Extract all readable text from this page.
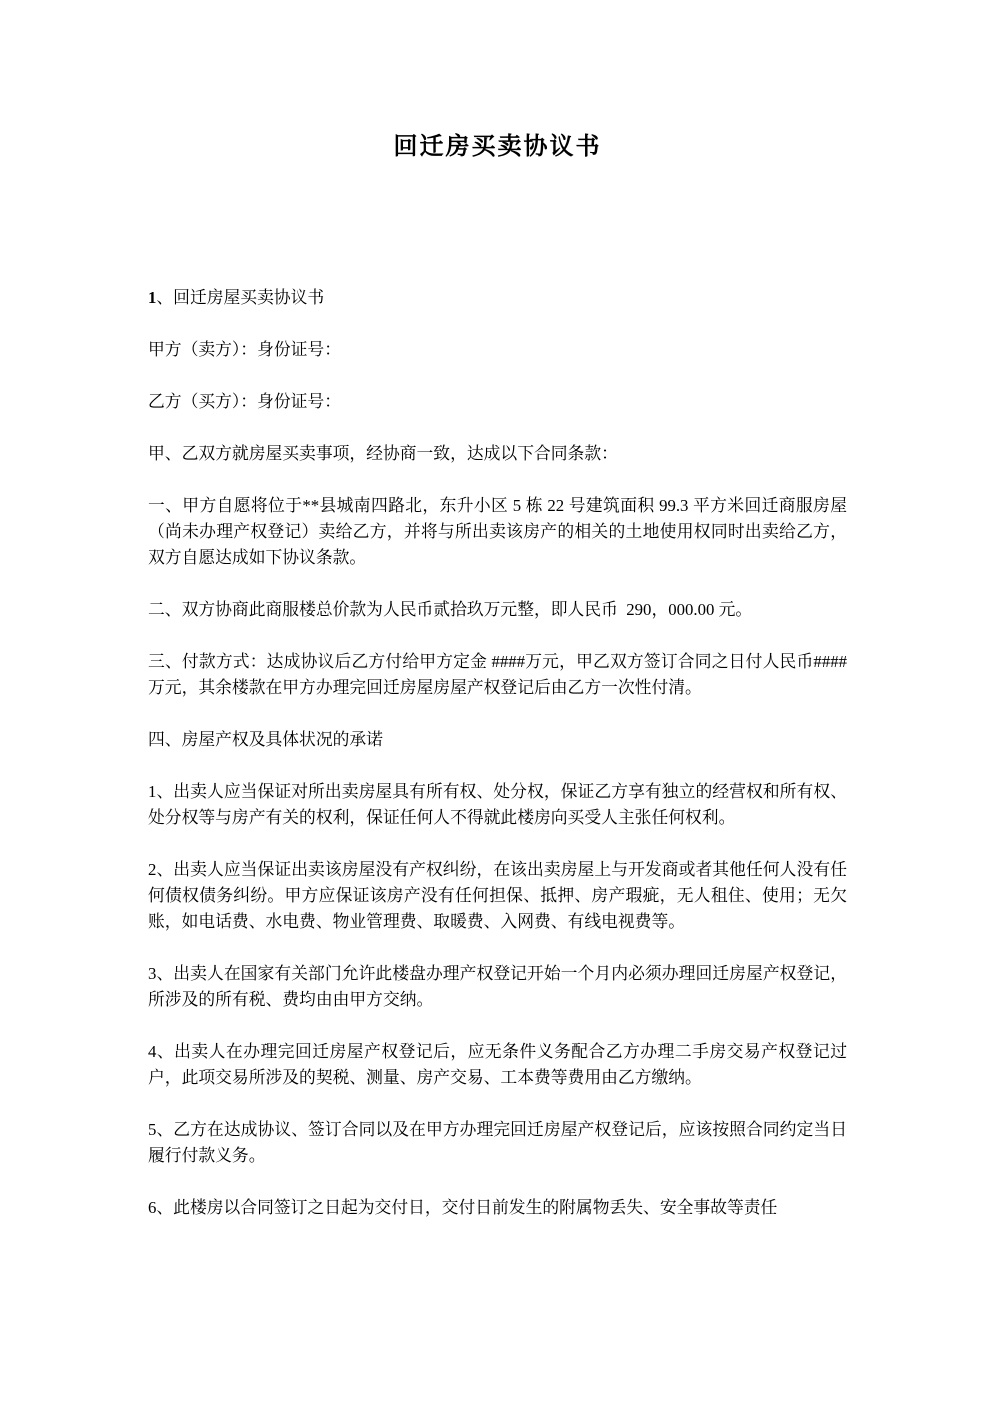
回迁房买卖协议书

1、回迁房屋买卖协议书

甲方（卖方）：身份证号：

乙方（买方）：身份证号：

甲、乙双方就房屋买卖事项，经协商一致，达成以下合同条款：

一、甲方自愿将位于**县城南四路北，东升小区 5 栋 22 号建筑面积 99.3 平方米回迁商服房屋（尚未办理产权登记）卖给乙方，并将与所出卖该房产的相关的土地使用权同时出卖给乙方，双方自愿达成如下协议条款。

二、双方协商此商服楼总价款为人民币贰拾玖万元整，即人民币  290，000.00 元。

三、付款方式：达成协议后乙方付给甲方定金 ####万元，甲乙双方签订合同之日付人民币####万元，其余楼款在甲方办理完回迁房屋房屋产权登记后由乙方一次性付清。

四、房屋产权及具体状况的承诺

1、出卖人应当保证对所出卖房屋具有所有权、处分权，保证乙方享有独立的经营权和所有权、处分权等与房产有关的权利，保证任何人不得就此楼房向买受人主张任何权利。

2、出卖人应当保证出卖该房屋没有产权纠纷，在该出卖房屋上与开发商或者其他任何人没有任何债权债务纠纷。甲方应保证该房产没有任何担保、抵押、房产瑕疵，无人租住、使用；无欠账，如电话费、水电费、物业管理费、取暖费、入网费、有线电视费等。

3、出卖人在国家有关部门允许此楼盘办理产权登记开始一个月内必须办理回迁房屋产权登记，所涉及的所有税、费均由由甲方交纳。

4、出卖人在办理完回迁房屋产权登记后，应无条件义务配合乙方办理二手房交易产权登记过户，此项交易所涉及的契税、测量、房产交易、工本费等费用由乙方缴纳。

5、乙方在达成协议、签订合同以及在甲方办理完回迁房屋产权登记后，应该按照合同约定当日履行付款义务。

6、此楼房以合同签订之日起为交付日，交付日前发生的附属物丢失、安全事故等责任
